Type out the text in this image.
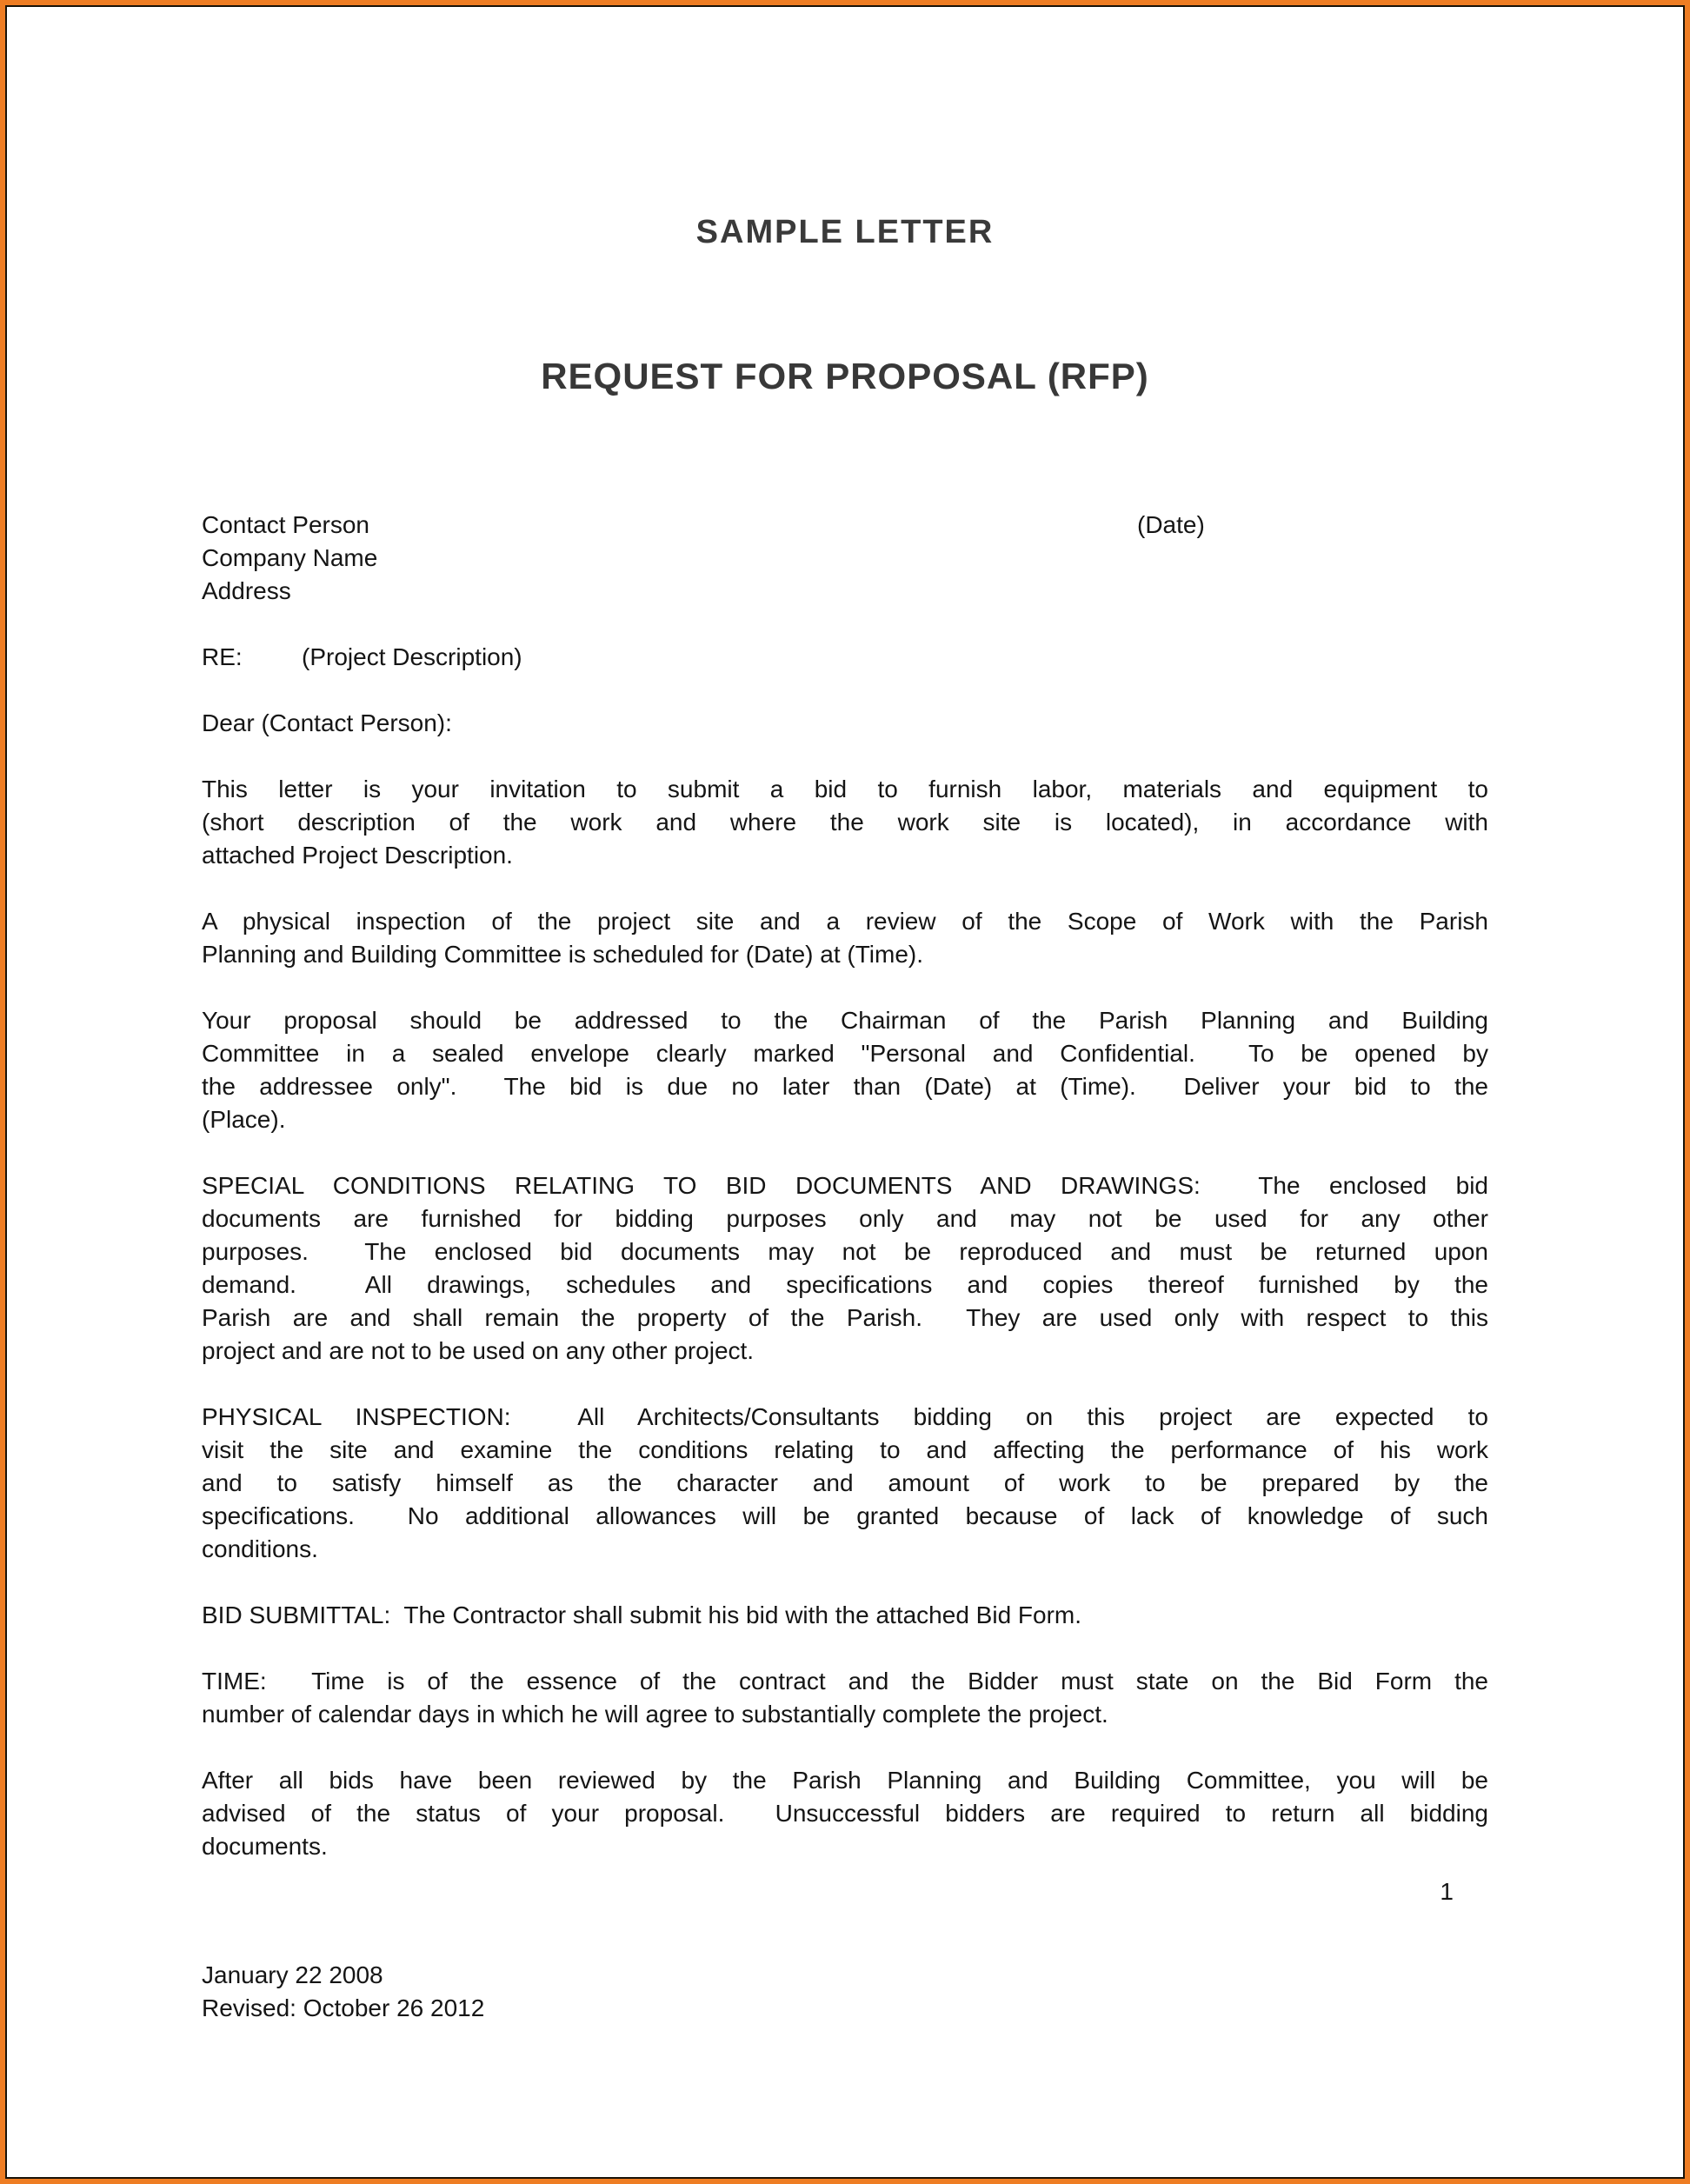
SAMPLE LETTER
REQUEST FOR PROPOSAL (RFP)
Contact Person
Company Name
Address
(Date)
RE:	(Project Description)

Dear (Contact Person):

This letter is your invitation to submit a bid to furnish labor, materials and equipment to
(short description of the work and where the work site is located), in accordance with
attached Project Description.
A physical inspection of the project site and a review of the Scope of Work with the Parish
Planning and Building Committee is scheduled for (Date) at (Time).
Your proposal should be addressed to the Chairman of the Parish Planning and Building
Committee in a sealed envelope clearly marked "Personal and Confidential.  To be opened by
the addressee only".  The bid is due no later than (Date) at (Time).  Deliver your bid to the
(Place).
SPECIAL CONDITIONS RELATING TO BID DOCUMENTS AND DRAWINGS:  The enclosed bid
documents are furnished for bidding purposes only and may not be used for any other
purposes.  The enclosed bid documents may not be reproduced and must be returned upon
demand.  All drawings, schedules and specifications and copies thereof furnished by the
Parish are and shall remain the property of the Parish.  They are used only with respect to this
project and are not to be used on any other project.
PHYSICAL INSPECTION:  All Architects/Consultants bidding on this project are expected to
visit the site and examine the conditions relating to and affecting the performance of his work
and to satisfy himself as the character and amount of work to be prepared by the
specifications.  No additional allowances will be granted because of lack of knowledge of such
conditions.
BID SUBMITTAL:  The Contractor shall submit his bid with the attached Bid Form.
TIME:  Time is of the essence of the contract and the Bidder must state on the Bid Form the
number of calendar days in which he will agree to substantially complete the project.
After all bids have been reviewed by the Parish Planning and Building Committee, you will be
advised of the status of your proposal.  Unsuccessful bidders are required to return all bidding
documents.
1
January 22 2008
Revised: October 26 2012
